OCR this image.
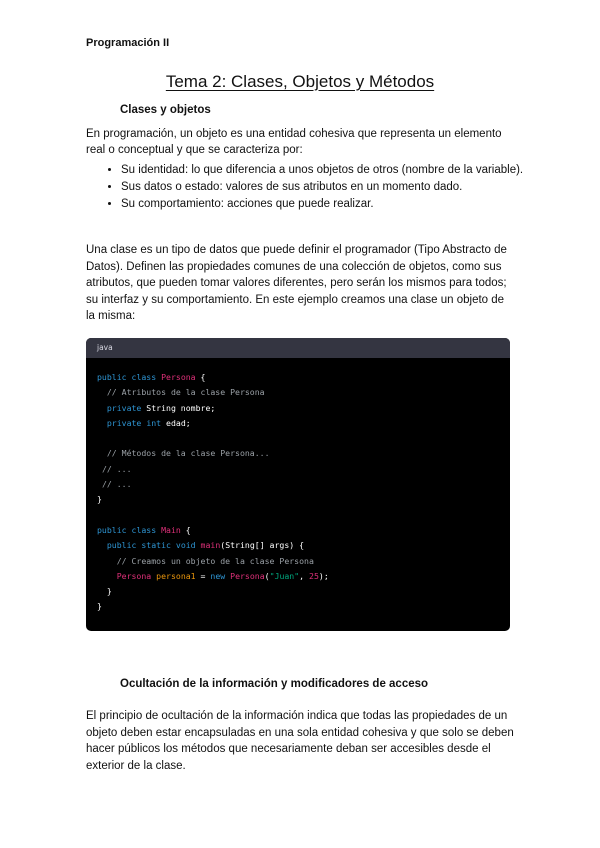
Programación II
Tema 2: Clases, Objetos y Métodos
Clases y objetos
En programación, un objeto es una entidad cohesiva que representa un elemento real o conceptual y que se caracteriza por:
• Su identidad: lo que diferencia a unos objetos de otros (nombre de la variable).
• Sus datos o estado: valores de sus atributos en un momento dado.
• Su comportamiento: acciones que puede realizar.
Una clase es un tipo de datos que puede definir el programador (Tipo Abstracto de Datos). Definen las propiedades comunes de una colección de objetos, como sus atributos, que pueden tomar valores diferentes, pero serán los mismos para todos; su interfaz y su comportamiento. En este ejemplo creamos una clase un objeto de la misma:
java
public class Persona {
// Atributos de la clase Persona
private String nombre;
private int edad;

// Métodos de la clase Persona...
// ...
// ...
}

public class Main {
public static void main(String[] args) {
// Creamos un objeto de la clase Persona
Persona persona1 = new Persona("Juan", 25);
}
}
Ocultación de la información y modificadores de acceso
El principio de ocultación de la información indica que todas las propiedades de un objeto deben estar encapsuladas en una sola entidad cohesiva y que solo se deben hacer públicos los métodos que necesariamente deban ser accesibles desde el exterior de la clase.
